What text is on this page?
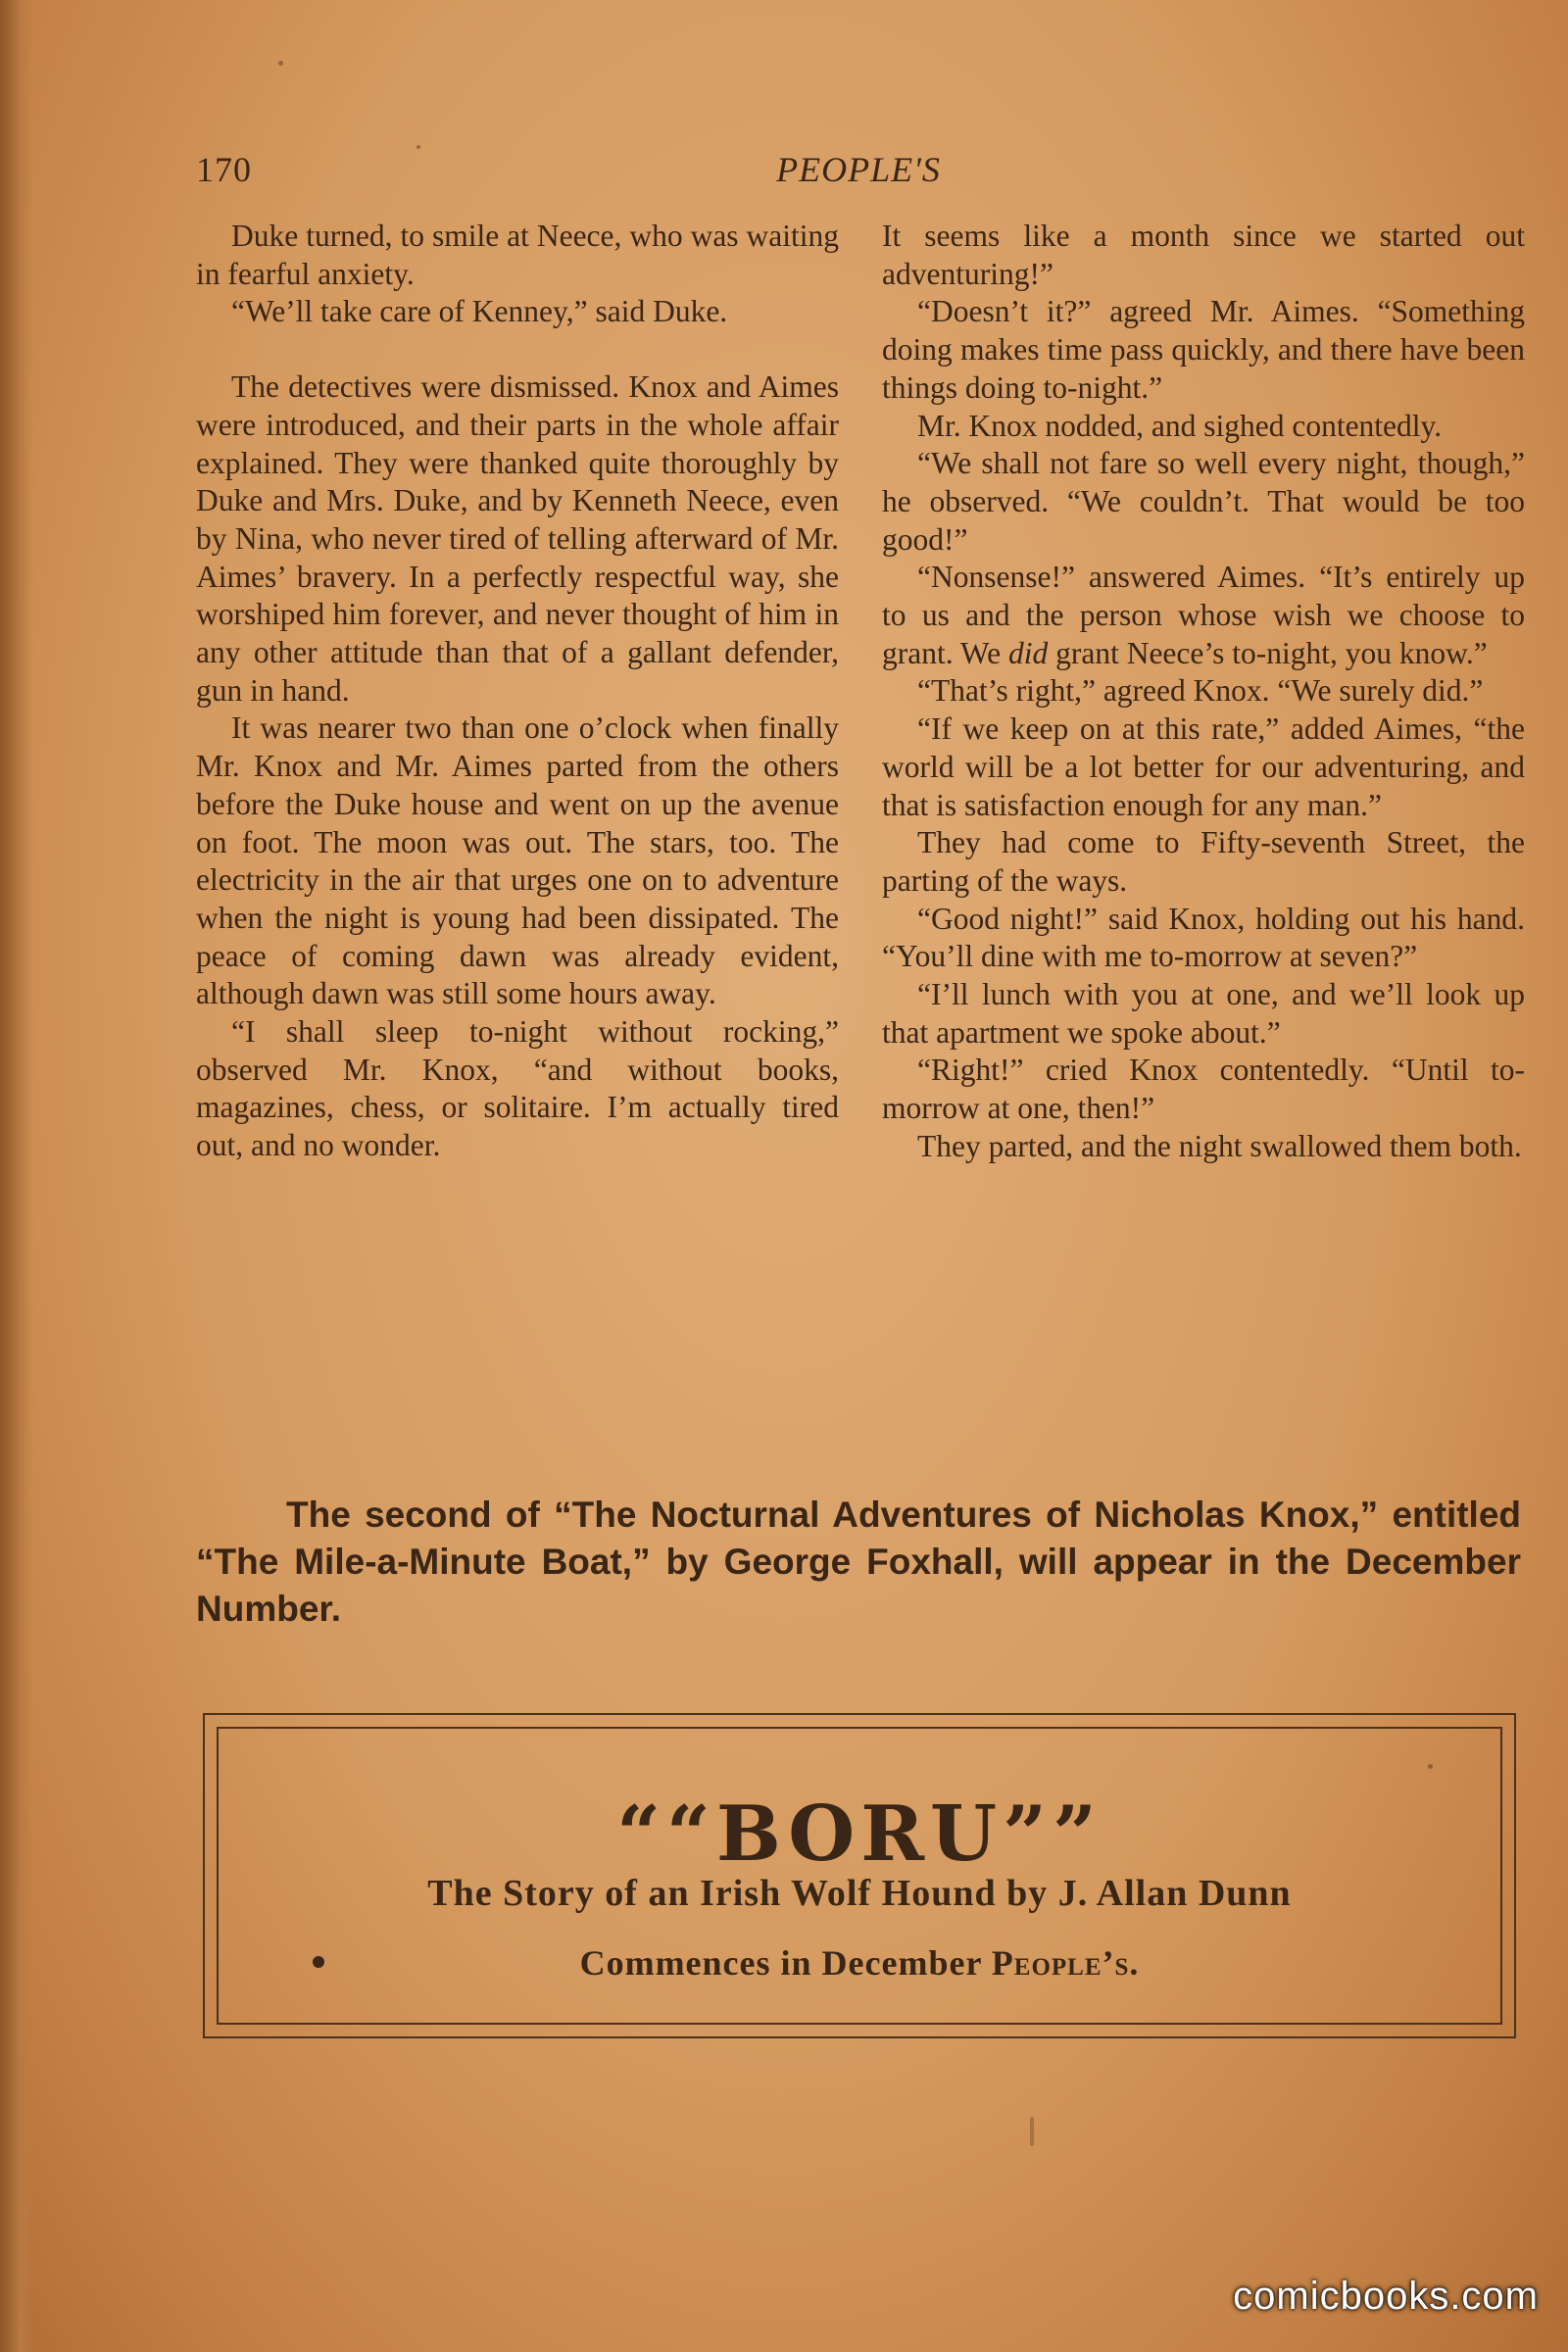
PEOPLE'S
170

Duke turned, to smile at Neece, who was waiting in fearful anxiety.

“We’ll take care of Kenney,” said Duke.

The detectives were dismissed. Knox and Aimes were introduced, and their parts in the whole affair explained. They were thanked quite thoroughly by Duke and Mrs. Duke, and by Kenneth Neece, even by Nina, who never tired of telling afterward of Mr. Aimes’ bravery. In a perfectly respectful way, she worshiped him forever, and never thought of him in any other attitude than that of a gallant defender, gun in hand.

It was nearer two than one o’clock when finally Mr. Knox and Mr. Aimes parted from the others before the Duke house and went on up the avenue on foot. The moon was out. The stars, too. The electricity in the air that urges one on to adventure when the night is young had been dissipated. The peace of coming dawn was already evident, although dawn was still some hours away.

“I shall sleep to-night without rocking,” observed Mr. Knox, “and without books, magazines, chess, or solitaire. I’m actually tired out, and no wonder.

It seems like a month since we started out adventuring!”

“Doesn’t it?” agreed Mr. Aimes. “Something doing makes time pass quickly, and there have been things doing to-night.”

Mr. Knox nodded, and sighed contentedly.

“We shall not fare so well every night, though,” he observed. “We couldn’t. That would be too good!”

“Nonsense!” answered Aimes. “It’s entirely up to us and the person whose wish we choose to grant. We did grant Neece’s to-night, you know.”

“That’s right,” agreed Knox. “We surely did.”

“If we keep on at this rate,” added Aimes, “the world will be a lot better for our adventuring, and that is satisfaction enough for any man.”

They had come to Fifty-seventh Street, the parting of the ways.

“Good night!” said Knox, holding out his hand. “You’ll dine with me to-morrow at seven?”

“I’ll lunch with you at one, and we’ll look up that apartment we spoke about.”

“Right!” cried Knox contentedly. “Until to-morrow at one, then!”

They parted, and the night swallowed them both.

The second of “The Nocturnal Adventures of Nicholas Knox,” entitled “The Mile-a-Minute Boat,” by George Foxhall, will appear in the December Number.
““BORU””
The Story of an Irish Wolf Hound by J. Allan Dunn
Commences in December People’s.
comicbooks.com
